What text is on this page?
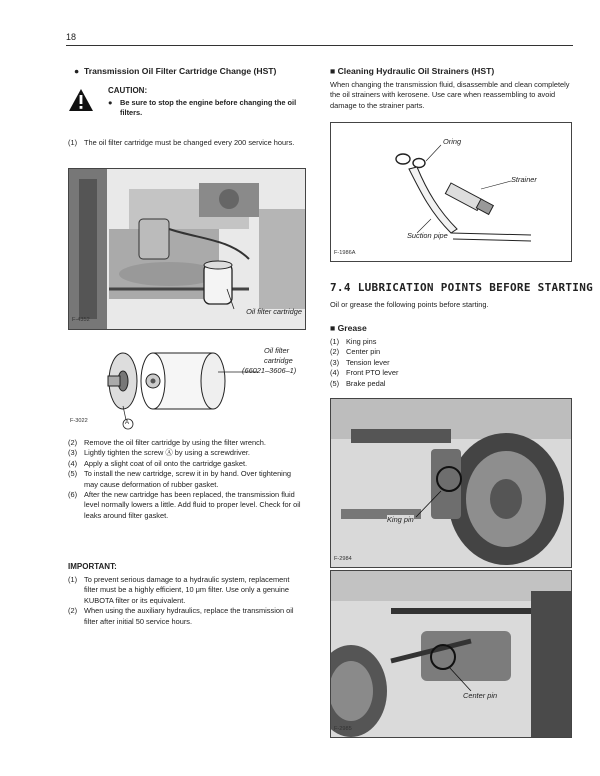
18
● Transmission Oil Filter Cartridge Change (HST)
CAUTION:
●	Be sure to stop the engine before changing the oil filters.
(1) The oil filter cartridge must be changed every 200 service hours.
Oil filter cartridge
F-4352
Oil filter
cartridge
(66021–3606–1)
A
F-3022
(2) Remove the oil filter cartridge by using the filter wrench.
(3) Lightly tighten the screw Ⓐ by using a screwdriver.
(4) Apply a slight coat of oil onto the cartridge gasket.
(5) To install the new cartridge, screw it in by hand. Over tightening may cause deformation of rubber gasket.
(6) After the new cartridge has been replaced, the transmission fluid level normally lowers a little. Add fluid to proper level. Check for oil leaks around filter gasket.
IMPORTANT:
(1) To prevent serious damage to a hydraulic system, replacement filter must be a highly efficient, 10 μm filter. Use only a genuine KUBOTA filter or its equivalent.
(2) When using the auxiliary hydraulics, replace the transmission oil filter after initial 50 service hours.
■ Cleaning Hydraulic Oil Strainers (HST)
When changing the transmission fluid, disassemble and clean completely the oil strainers with kerosene. Use care when reassembling to avoid damage to the strainer parts.
Oring
Strainer
Suction pipe
F-1986A
7.4 LUBRICATION POINTS BEFORE STARTING
Oil or grease the following points before starting.
■ Grease
(1) King pins
(2) Center pin
(3) Tension lever
(4) Front PTO lever
(5) Brake pedal
King pin
F-2984
Center pin
F-2985
